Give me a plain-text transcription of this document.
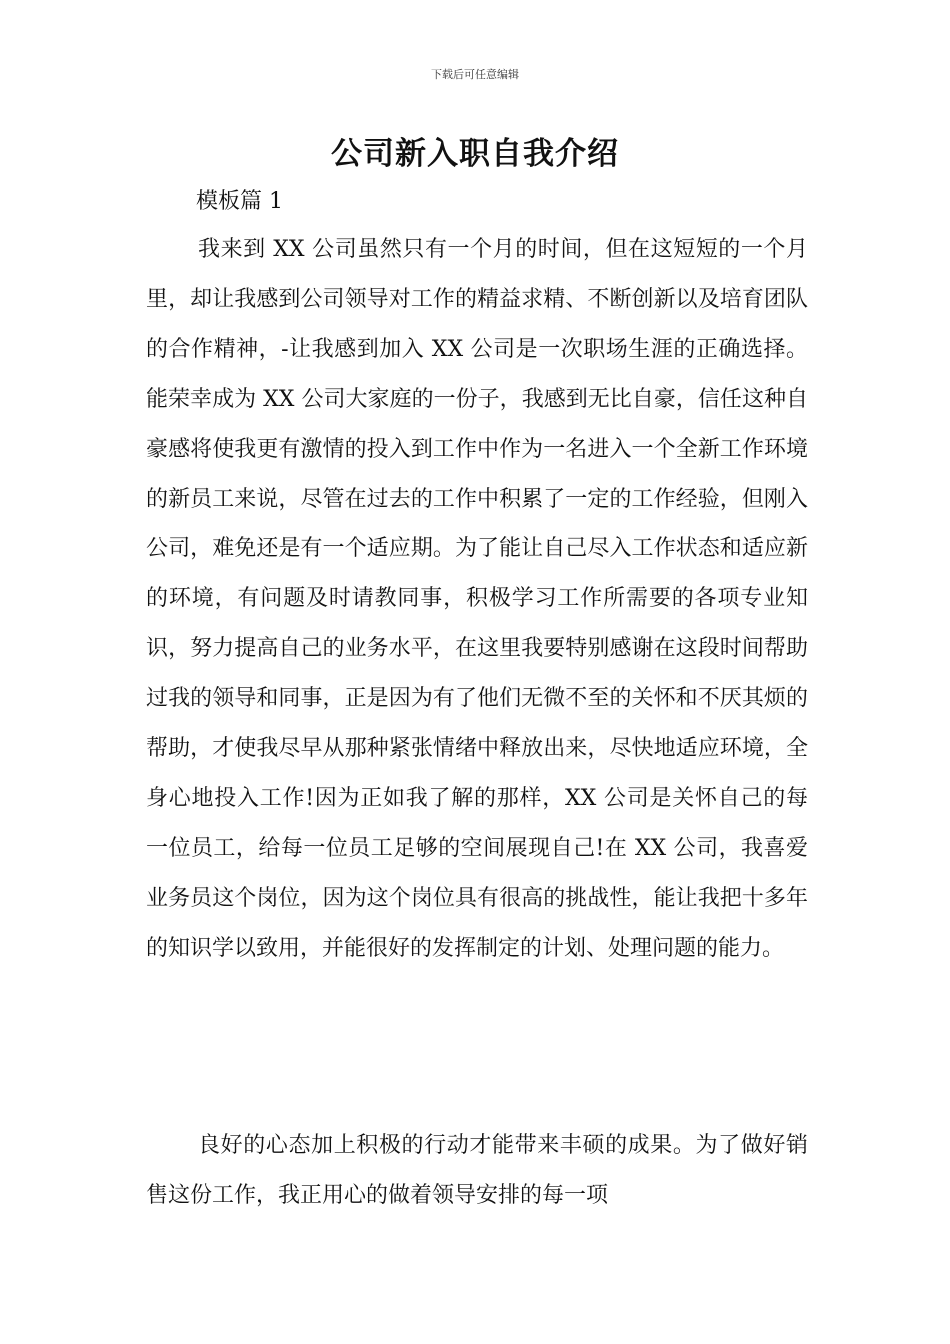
下载后可任意编辑
公司新入职自我介绍
模板篇 1

我来到 XX 公司虽然只有一个月的时间，但在这短短的一个月里，却让我感到公司领导对工作的精益求精、不断创新以及培育团队的合作精神，-让我感到加入 XX 公司是一次职场生涯的正确选择。能荣幸成为 XX 公司大家庭的一份子，我感到无比自豪，信任这种自豪感将使我更有激情的投入到工作中作为一名进入一个全新工作环境的新员工来说，尽管在过去的工作中积累了一定的工作经验，但刚入公司，难免还是有一个适应期。为了能让自己尽入工作状态和适应新的环境，有问题及时请教同事，积极学习工作所需要的各项专业知识，努力提高自己的业务水平，在这里我要特别感谢在这段时间帮助过我的领导和同事，正是因为有了他们无微不至的关怀和不厌其烦的帮助，才使我尽早从那种紧张情绪中释放出来，尽快地适应环境，全身心地投入工作!因为正如我了解的那样，XX 公司是关怀自己的每一位员工，给每一位员工足够的空间展现自己!在 XX 公司，我喜爱业务员这个岗位，因为这个岗位具有很高的挑战性，能让我把十多年的知识学以致用，并能很好的发挥制定的计划、处理问题的能力。

良好的心态加上积极的行动才能带来丰硕的成果。为了做好销售这份工作，我正用心的做着领导安排的每一项
